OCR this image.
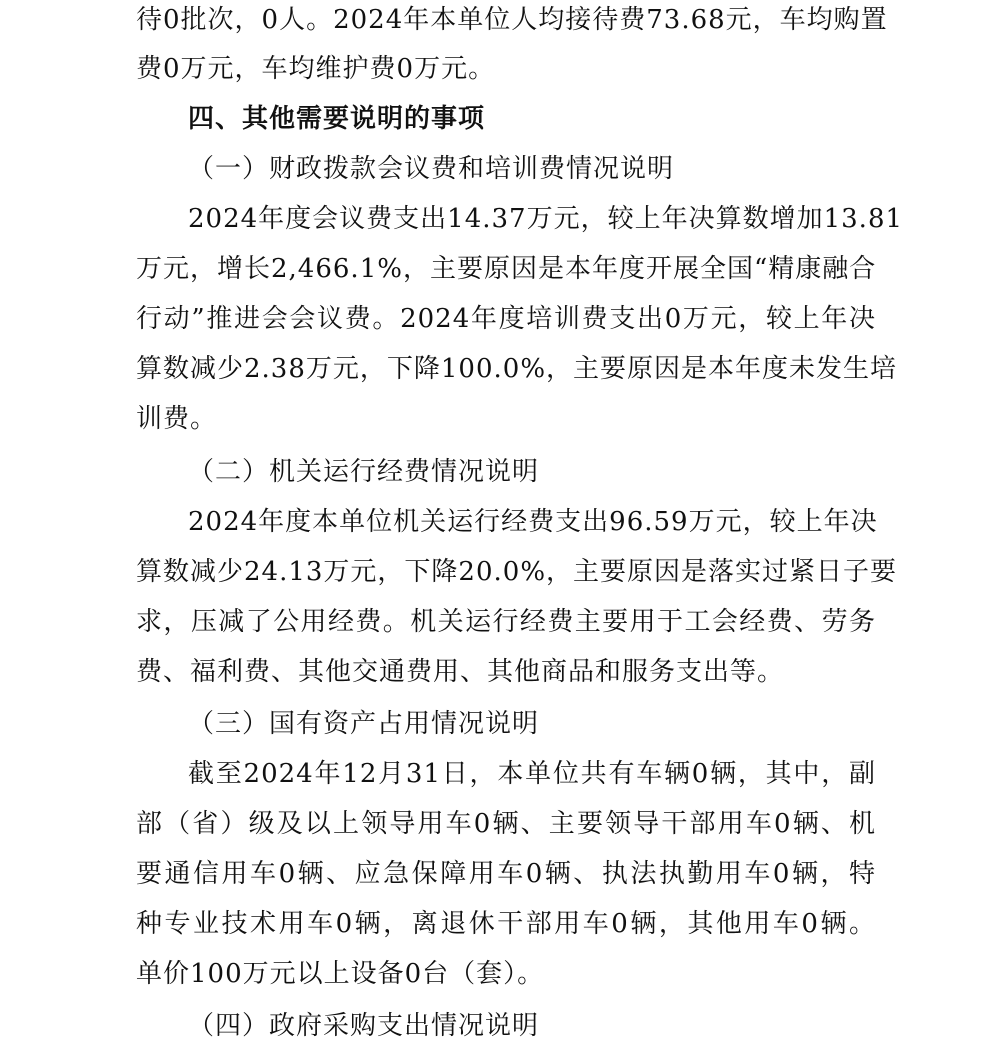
待0批次，0人。2024年本单位人均接待费73.68元，车均购置
费0万元，车均维护费0万元。
四、其他需要说明的事项
（一）财政拨款会议费和培训费情况说明
2024年度会议费支出14.37万元，较上年决算数增加13.81
万元，增长2,466.1%，主要原因是本年度开展全国“精康融合
行动”推进会会议费。2024年度培训费支出0万元，较上年决
算数减少2.38万元，下降100.0%，主要原因是本年度未发生培
训费。
（二）机关运行经费情况说明
2024年度本单位机关运行经费支出96.59万元，较上年决
算数减少24.13万元，下降20.0%，主要原因是落实过紧日子要
求，压减了公用经费。机关运行经费主要用于工会经费、劳务
费、福利费、其他交通费用、其他商品和服务支出等。
（三）国有资产占用情况说明
截至2024年12月31日，本单位共有车辆0辆，其中，副
部（省）级及以上领导用车0辆、主要领导干部用车0辆、机
要通信用车0辆、应急保障用车0辆、执法执勤用车0辆，特
种专业技术用车0辆，离退休干部用车0辆，其他用车0辆。
单价100万元以上设备0台（套）。
（四）政府采购支出情况说明
